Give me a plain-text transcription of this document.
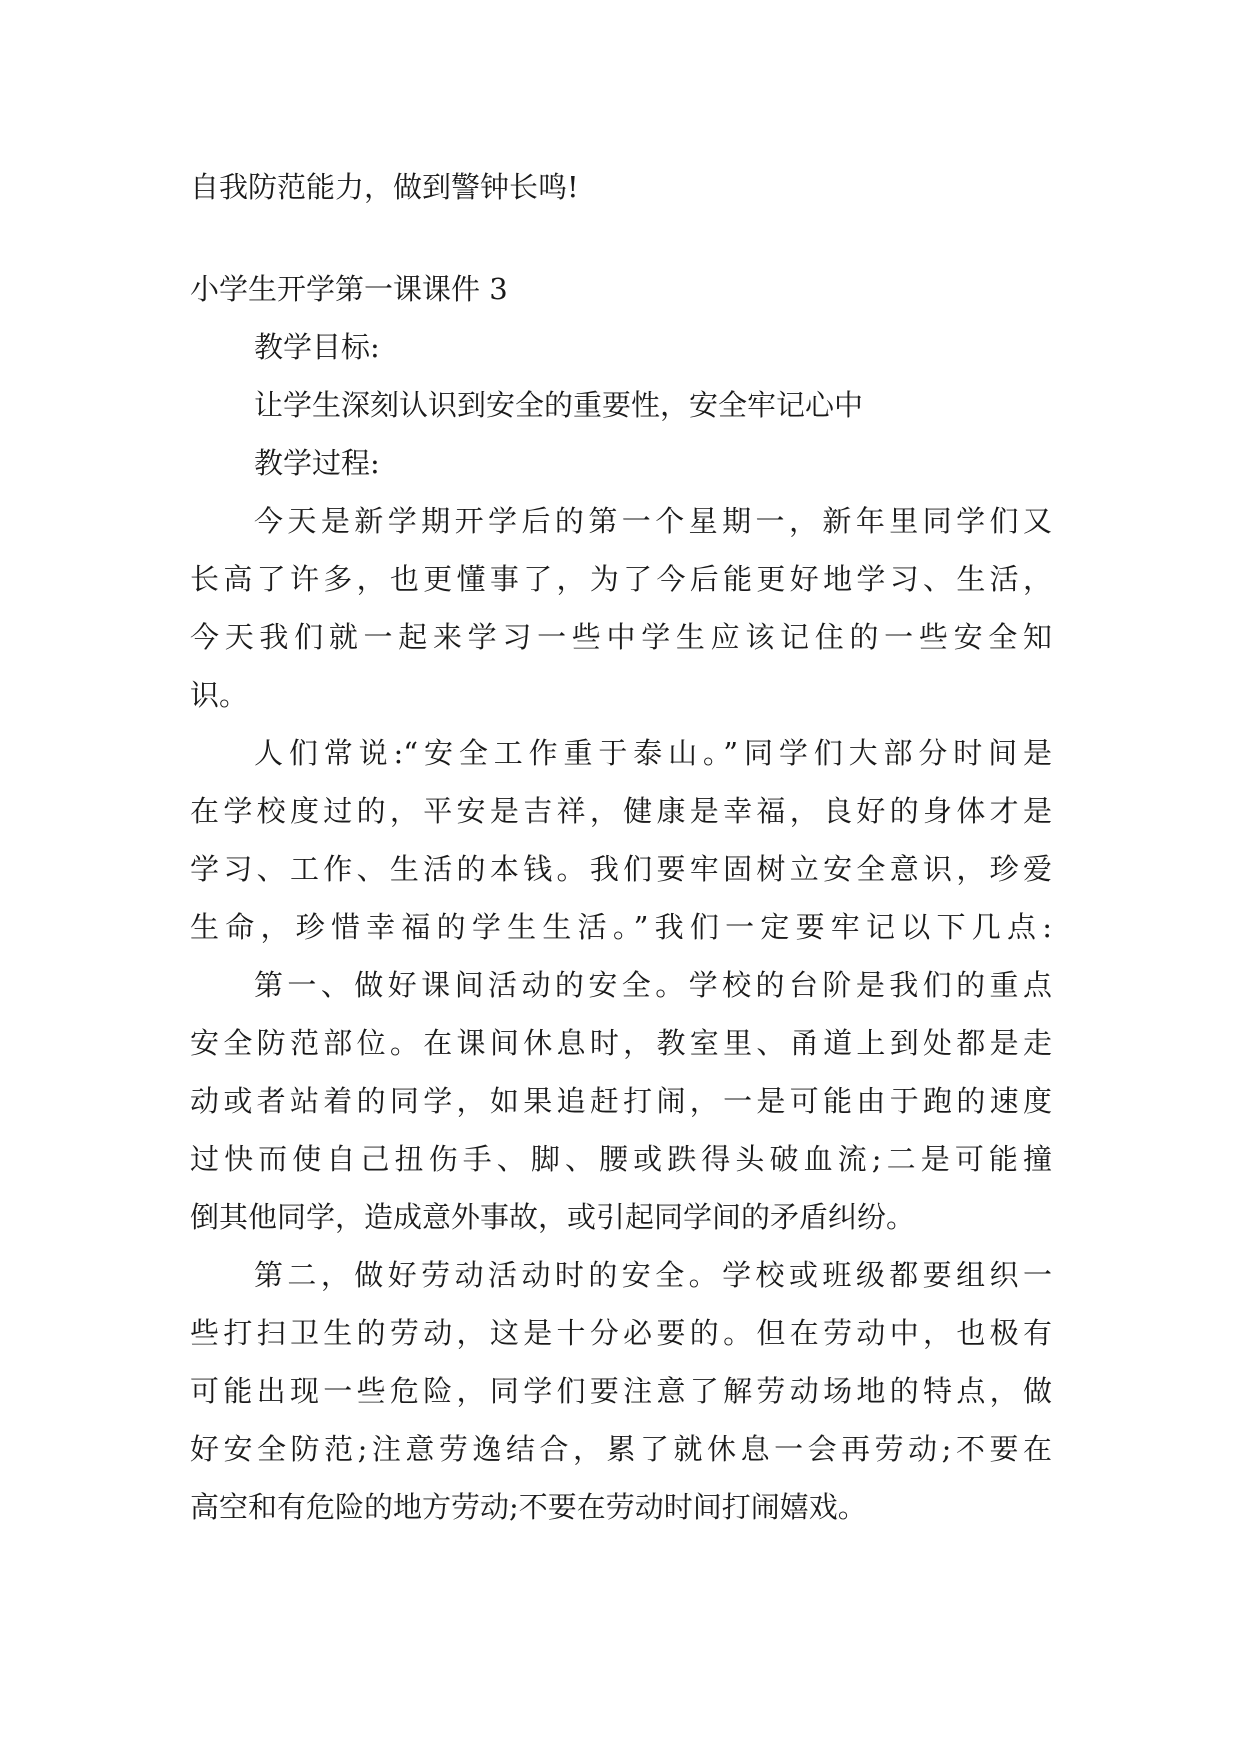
自我防范能力，做到警钟长鸣!
小学生开学第一课课件 3
教学目标:
让学生深刻认识到安全的重要性，安全牢记心中
教学过程:
今天是新学期开学后的第一个星期一，新年里同学们又
长高了许多，也更懂事了，为了今后能更好地学习、生活，
今天我们就一起来学习一些中学生应该记住的一些安全知
识。
人们常说:“安全工作重于泰山。”同学们大部分时间是
在学校度过的，平安是吉祥，健康是幸福，良好的身体才是
学习、工作、生活的本钱。我们要牢固树立安全意识，珍爱
生命，珍惜幸福的学生生活。”我们一定要牢记以下几点:
第一、做好课间活动的安全。学校的台阶是我们的重点
安全防范部位。在课间休息时，教室里、甬道上到处都是走
动或者站着的同学，如果追赶打闹，一是可能由于跑的速度
过快而使自己扭伤手、脚、腰或跌得头破血流;二是可能撞
倒其他同学，造成意外事故，或引起同学间的矛盾纠纷。
第二，做好劳动活动时的安全。学校或班级都要组织一
些打扫卫生的劳动，这是十分必要的。但在劳动中，也极有
可能出现一些危险，同学们要注意了解劳动场地的特点，做
好安全防范;注意劳逸结合，累了就休息一会再劳动;不要在
高空和有危险的地方劳动;不要在劳动时间打闹嬉戏。
